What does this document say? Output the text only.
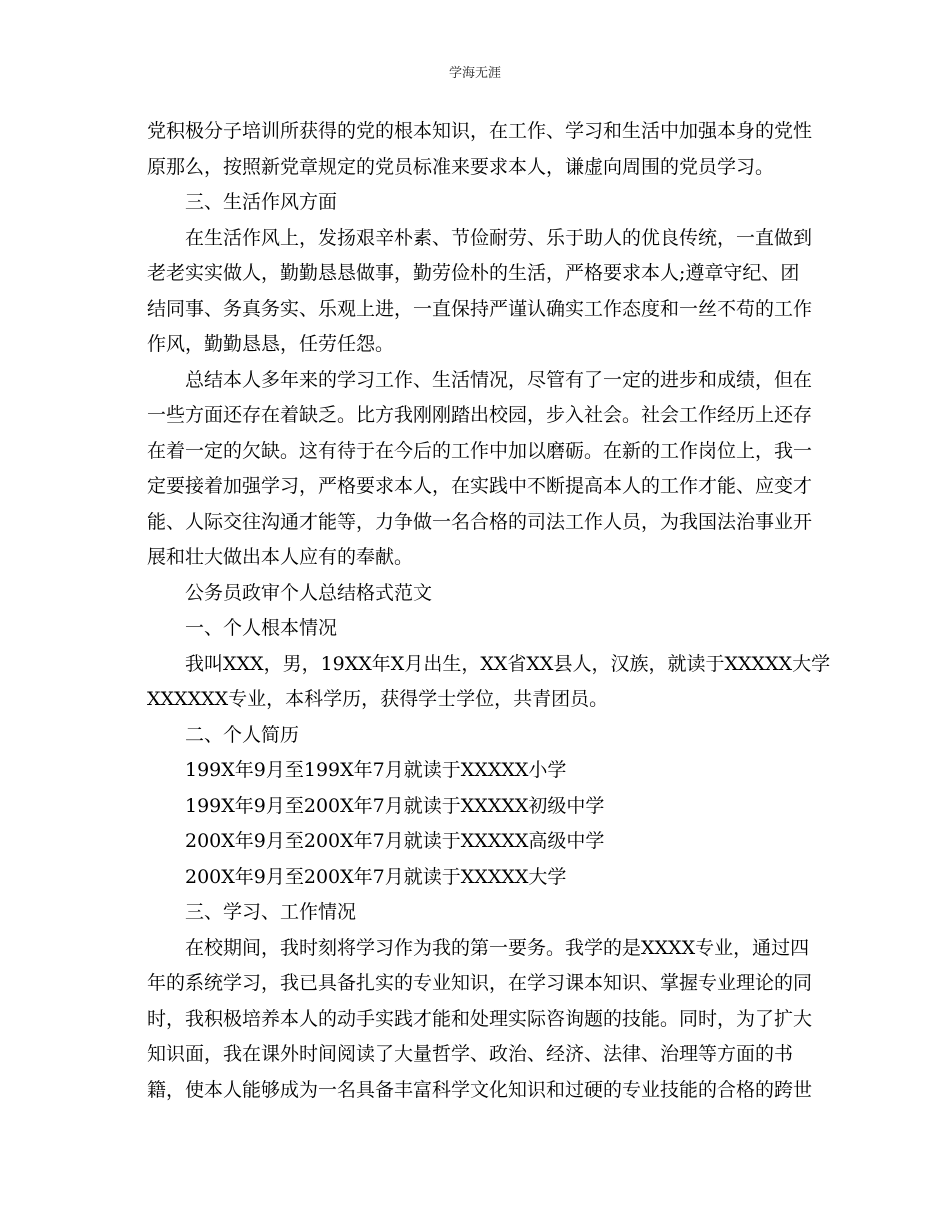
学海无涯
党积极分子培训所获得的党的根本知识，在工作、学习和生活中加强本身的党性
原那么，按照新党章规定的党员标准来要求本人，谦虚向周围的党员学习。
三、生活作风方面
在生活作风上，发扬艰辛朴素、节俭耐劳、乐于助人的优良传统，一直做到
老老实实做人，勤勤恳恳做事，勤劳俭朴的生活，严格要求本人;遵章守纪、团
结同事、务真务实、乐观上进，一直保持严谨认确实工作态度和一丝不苟的工作
作风，勤勤恳恳，任劳任怨。
总结本人多年来的学习工作、生活情况，尽管有了一定的进步和成绩，但在
一些方面还存在着缺乏。比方我刚刚踏出校园，步入社会。社会工作经历上还存
在着一定的欠缺。这有待于在今后的工作中加以磨砺。在新的工作岗位上，我一
定要接着加强学习，严格要求本人，在实践中不断提高本人的工作才能、应变才
能、人际交往沟通才能等，力争做一名合格的司法工作人员，为我国法治事业开
展和壮大做出本人应有的奉献。
公务员政审个人总结格式范文
一、个人根本情况
我叫XXX，男，19XX年X月出生，XX省XX县人，汉族，就读于XXXXX大学
XXXXXX专业，本科学历，获得学士学位，共青团员。
二、个人简历
199X年9月至199X年7月就读于XXXXX小学
199X年9月至200X年7月就读于XXXXX初级中学
200X年9月至200X年7月就读于XXXXX高级中学
200X年9月至200X年7月就读于XXXXX大学
三、学习、工作情况
在校期间，我时刻将学习作为我的第一要务。我学的是XXXX专业，通过四
年的系统学习，我已具备扎实的专业知识，在学习课本知识、掌握专业理论的同
时，我积极培养本人的动手实践才能和处理实际咨询题的技能。同时，为了扩大
知识面，我在课外时间阅读了大量哲学、政治、经济、法律、治理等方面的书
籍，使本人能够成为一名具备丰富科学文化知识和过硬的专业技能的合格的跨世
